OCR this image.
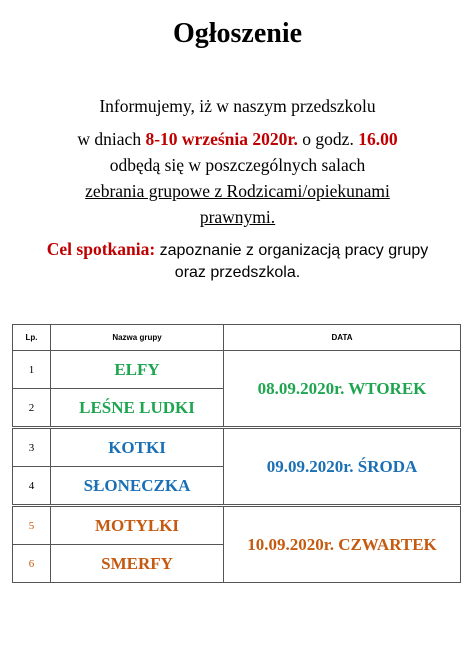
Ogłoszenie
Informujemy, iż w naszym przedszkolu
w dniach 8-10 września 2020r. o godz. 16.00
odbędą się w poszczególnych salach
zebrania grupowe z Rodzicami/opiekunami
prawnymi.
Cel spotkania: zapoznanie z organizacją pracy grupy
oraz przedszkola.
Lp.	Nazwa grupy	DATA
1	ELFY	08.09.2020r. WTOREK
2	LEŚNE LUDKI	
3	KOTKI	09.09.2020r. ŚRODA
4	SŁONECZKA	
5	MOTYLKI	10.09.2020r. CZWARTEK
6	SMERFY	
